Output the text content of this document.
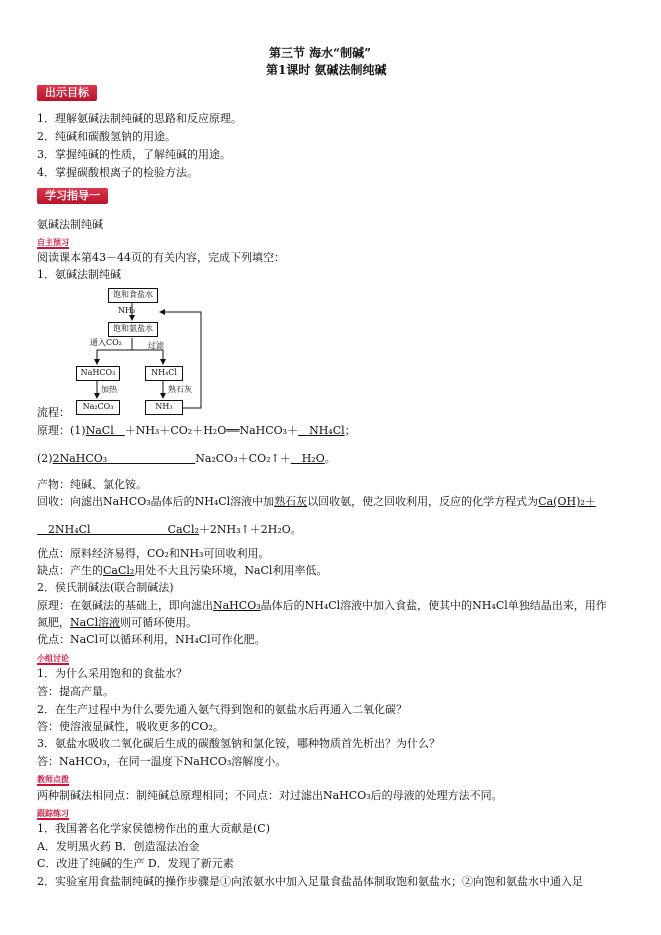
第三节 海水“制碱”
第1课时 氨碱法制纯碱
出示目标
1．理解氨碱法制纯碱的思路和反应原理。
2．纯碱和碳酸氢钠的用途。
3．掌握纯碱的性质，了解纯碱的用途。
4．掌握碳酸根离子的检验方法。
学习指导一
氨碱法制纯碱
自主预习
阅读课本第43－44页的有关内容，完成下列填空：
1．氨碱法制纯碱
饱和食盐水
NH₃
饱和氨盐水
通入CO₂	过滤
NaHCO₃	NH₄Cl
加热	熟石灰
Na₂CO₃	NH₃
流程：
原理：(1)NaCl  ＋NH₃＋CO₂＋H₂O══NaHCO₃＋  NH₄Cl；
(2)2NaHCO₃        	Na₂CO₃＋CO₂↑＋  H₂O。
产物：纯碱、氯化铵。
回收：向滤出NaHCO₃晶体后的NH₄Cl溶液中加熟石灰以回收氨，使之回收利用，反应的化学方程式为Ca(OH)₂＋
 2NH₄Cl       	CaCl₂＋2NH₃↑＋2H₂O。
优点：原料经济易得，CO₂和NH₃可回收利用。
缺点：产生的CaCl₂用处不大且污染环境，NaCl利用率低。
2．侯氏制碱法(联合制碱法)
原理：在氨碱法的基础上，即向滤出NaHCO₃晶体后的NH₄Cl溶液中加入食盐，使其中的NH₄Cl单独结晶出来，用作
氮肥，NaCl溶液则可循环使用。
优点：NaCl可以循环利用，NH₄Cl可作化肥。
小组讨论
1．为什么采用饱和的食盐水？
答：提高产量。
2．在生产过程中为什么要先通入氨气得到饱和的氨盐水后再通入二氧化碳？
答：使溶液显碱性，吸收更多的CO₂。
3．氨盐水吸收二氧化碳后生成的碳酸氢钠和氯化铵，哪种物质首先析出？为什么？
答：NaHCO₃，在同一温度下NaHCO₃溶解度小。
教师点拨
两种制碱法相同点：制纯碱总原理相同；不同点：对过滤出NaHCO₃后的母液的处理方法不同。
跟踪练习
1．我国著名化学家侯德榜作出的重大贡献是(C)
A．发明黑火药 B．创造湿法冶金
C．改进了纯碱的生产 D．发现了新元素
2．实验室用食盐制纯碱的操作步骤是①向浓氨水中加入足量食盐晶体制取饱和氨盐水；②向饱和氨盐水中通入足
